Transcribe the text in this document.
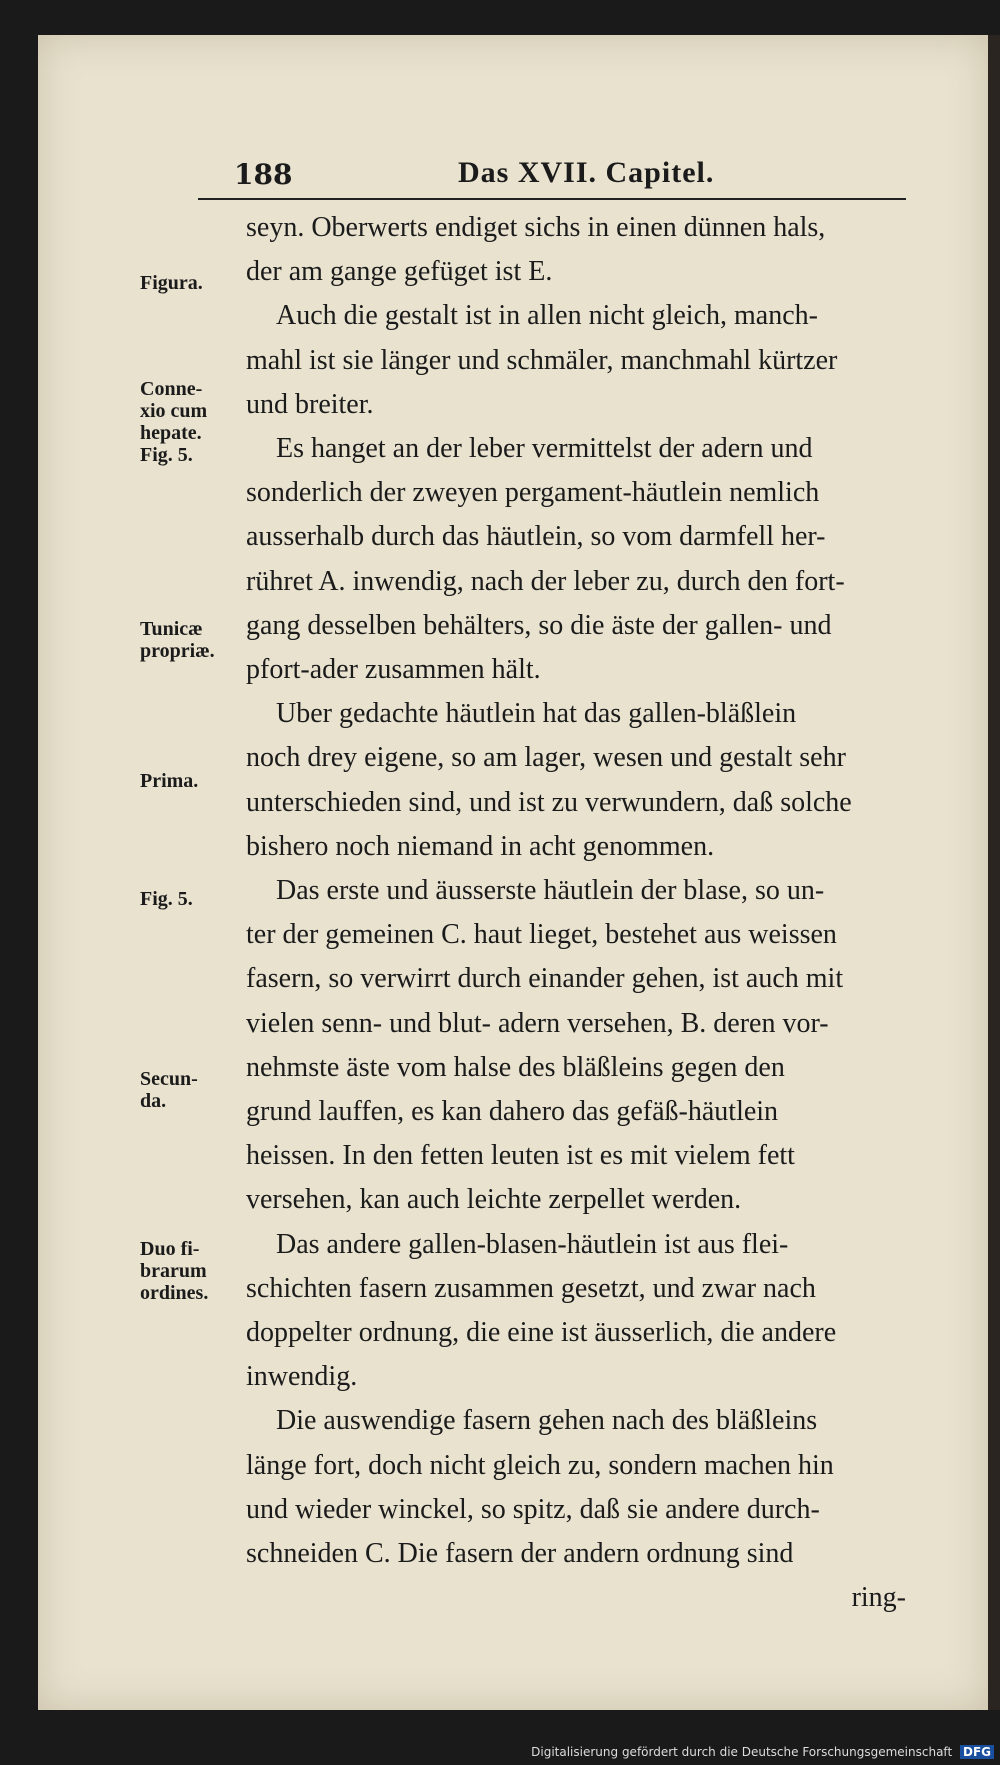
188	Das XVII. Capitel.
seyn. Oberwerts endiget sichs in einen dünnen hals,
der am gange gefüget ist E.
Auch die gestalt ist in allen nicht gleich, manch-
mahl ist sie länger und schmäler, manchmahl kürtzer
und breiter.
Es hanget an der leber vermittelst der adern und
sonderlich der zweyen pergament-häutlein nemlich
ausserhalb durch das häutlein, so vom darmfell her-
rühret A. inwendig, nach der leber zu, durch den fort-
gang desselben behälters, so die äste der gallen- und
pfort-ader zusammen hält.
Uber gedachte häutlein hat das gallen-bläßlein
noch drey eigene, so am lager, wesen und gestalt sehr
unterschieden sind, und ist zu verwundern, daß solche
bishero noch niemand in acht genommen.
Das erste und äusserste häutlein der blase, so un-
ter der gemeinen C. haut lieget, bestehet aus weissen
fasern, so verwirrt durch einander gehen, ist auch mit
vielen senn- und blut- adern versehen, B. deren vor-
nehmste äste vom halse des bläßleins gegen den
grund lauffen, es kan dahero das gefäß-häutlein
heissen. In den fetten leuten ist es mit vielem fett
versehen, kan auch leichte zerpellet werden.
Das andere gallen-blasen-häutlein ist aus flei-
schichten fasern zusammen gesetzt, und zwar nach
doppelter ordnung, die eine ist äusserlich, die andere
inwendig.
Die auswendige fasern gehen nach des bläßleins
länge fort, doch nicht gleich zu, sondern machen hin
und wieder winckel, so spitz, daß sie andere durch-
schneiden C. Die fasern der andern ordnung sind
ring-
Figura.
Conne-
xio cum
hepate.
Fig. 5.
Tunicæ
propriæ.
Prima.
Fig. 5.
Secun-
da.
Duo fi-
brarum
ordines.
Digitalisierung gefördert durch die Deutsche Forschungsgemeinschaft DFG
